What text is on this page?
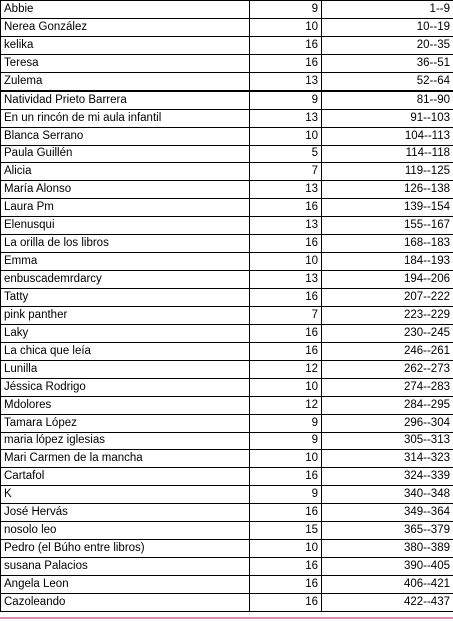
Abbie	9	1--9
Nerea González	10	10--19
kelika	16	20--35
Teresa	16	36--51
Zulema	13	52--64
Natividad Prieto Barrera	9	81--90
En un rincón de mi aula infantil	13	91--103
Blanca Serrano	10	104--113
Paula Guillén	5	114--118
Alicia	7	119--125
María Alonso	13	126--138
Laura Pm	16	139--154
Elenusqui	13	155--167
La orilla de los libros	16	168--183
Emma	10	184--193
enbuscademrdarcy	13	194--206
Tatty	16	207--222
pink panther	7	223--229
Laky	16	230--245
La chica que leía	16	246--261
Lunilla	12	262--273
Jéssica Rodrigo	10	274--283
Mdolores	12	284--295
Tamara López	9	296--304
maria lópez iglesias	9	305--313
Mari Carmen de la mancha	10	314--323
Cartafol	16	324--339
K	9	340--348
José Hervás	16	349--364
nosolo leo	15	365--379
Pedro (el Búho entre libros)	10	380--389
susana Palacios	16	390--405
Angela Leon	16	406--421
Cazoleando	16	422--437
